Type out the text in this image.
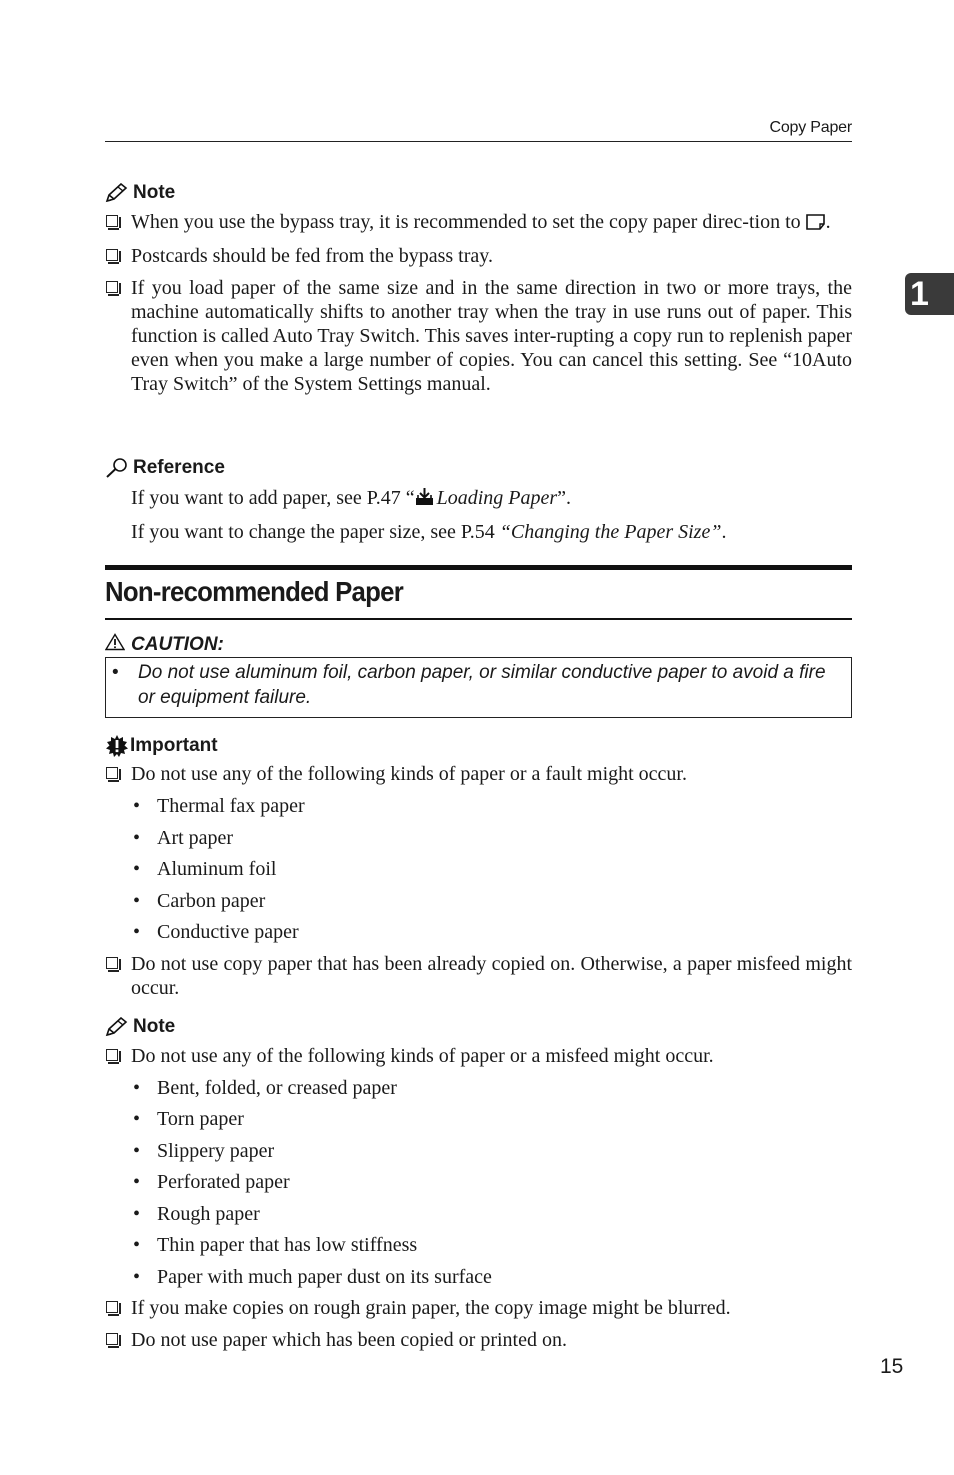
Copy Paper
1
Note
When you use the bypass tray, it is recommended to set the copy paper direc-tion to .
Postcards should be fed from the bypass tray.
If you load paper of the same size and in the same direction in two or more trays, the machine automatically shifts to another tray when the tray in use runs out of paper. This function is called Auto Tray Switch. This saves inter-rupting a copy run to replenish paper even when you make a large number of copies. You can cancel this setting. See “10Auto Tray Switch” of the System Settings manual.
Reference
If you want to add paper, see P.47 “ Loading Paper”.
If you want to change the paper size, see P.54 “Changing the Paper Size”.
Non-recommended Paper
CAUTION:
• Do not use aluminum foil, carbon paper, or similar conductive paper to avoid a fire or equipment failure.
Important
Do not use any of the following kinds of paper or a fault might occur.
• Thermal fax paper
• Art paper
• Aluminum foil
• Carbon paper
• Conductive paper
Do not use copy paper that has been already copied on. Otherwise, a paper misfeed might occur.
Note
Do not use any of the following kinds of paper or a misfeed might occur.
• Bent, folded, or creased paper
• Torn paper
• Slippery paper
• Perforated paper
• Rough paper
• Thin paper that has low stiffness
• Paper with much paper dust on its surface
If you make copies on rough grain paper, the copy image might be blurred.
Do not use paper which has been copied or printed on.
15
